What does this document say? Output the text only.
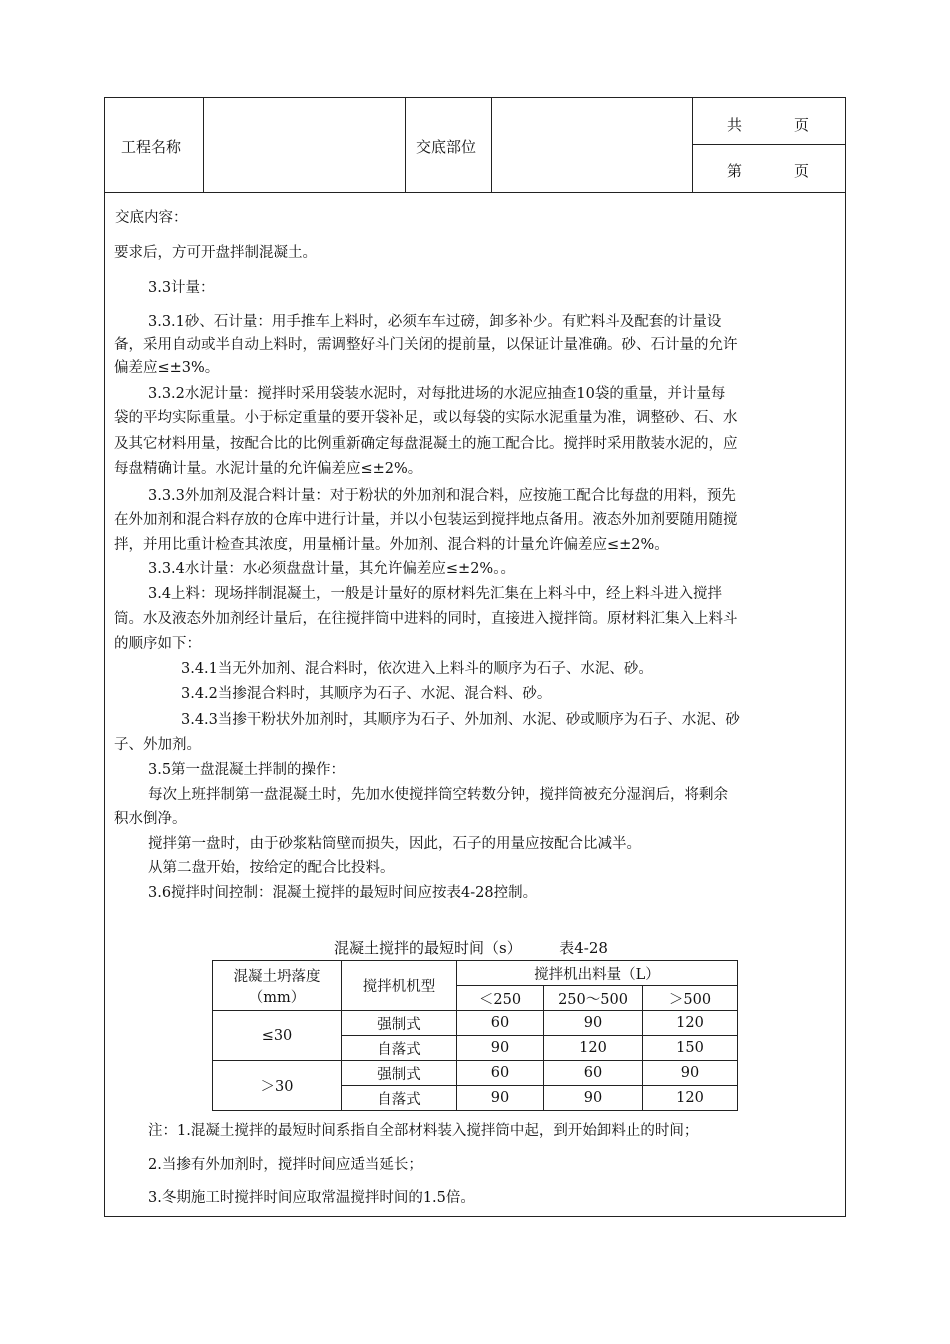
工程名称	交底部位
共	页
第	页
交底内容：
要求后，方可开盘拌制混凝土。
3.3计量：
3.3.1砂、石计量：用手推车上料时，必须车车过磅，卸多补少。有贮料斗及配套的计量设
备，采用自动或半自动上料时，需调整好斗门关闭的提前量，以保证计量准确。砂、石计量的允许
偏差应≤±3%。
3.3.2水泥计量：搅拌时采用袋装水泥时，对每批进场的水泥应抽查10袋的重量，并计量每
袋的平均实际重量。小于标定重量的要开袋补足，或以每袋的实际水泥重量为准，调整砂、石、水
及其它材料用量，按配合比的比例重新确定每盘混凝土的施工配合比。搅拌时采用散装水泥的，应
每盘精确计量。水泥计量的允许偏差应≤±2%。
3.3.3外加剂及混合料计量：对于粉状的外加剂和混合料，应按施工配合比每盘的用料，预先
在外加剂和混合料存放的仓库中进行计量，并以小包装运到搅拌地点备用。液态外加剂要随用随搅
拌，并用比重计检查其浓度，用量桶计量。外加剂、混合料的计量允许偏差应≤±2%。
3.3.4水计量：水必须盘盘计量，其允许偏差应≤±2%。。
3.4上料：现场拌制混凝土，一般是计量好的原材料先汇集在上料斗中，经上料斗进入搅拌
筒。水及液态外加剂经计量后，在往搅拌筒中进料的同时，直接进入搅拌筒。原材料汇集入上料斗
的顺序如下：
3.4.1当无外加剂、混合料时，依次进入上料斗的顺序为石子、水泥、砂。
3.4.2当掺混合料时，其顺序为石子、水泥、混合料、砂。
3.4.3当掺干粉状外加剂时，其顺序为石子、外加剂、水泥、砂或顺序为石子、水泥、砂
子、外加剂。
3.5第一盘混凝土拌制的操作：
每次上班拌制第一盘混凝土时，先加水使搅拌筒空转数分钟，搅拌筒被充分湿润后，将剩余
积水倒净。
搅拌第一盘时，由于砂浆粘筒壁而损失，因此，石子的用量应按配合比减半。
从第二盘开始，按给定的配合比投料。
3.6搅拌时间控制：混凝土搅拌的最短时间应按表4-28控制。
混凝土搅拌的最短时间（s）	表4-28
混凝土坍落度
（mm）	搅拌机机型	搅拌机出料量（L）		
		＜250	250～500	＞500
≤30	强制式	60	90	120
	自落式	90	120	150
＞30	强制式	60	60	90
	自落式	90	90	120
注：1.混凝土搅拌的最短时间系指自全部材料装入搅拌筒中起，到开始卸料止的时间；
2.当掺有外加剂时，搅拌时间应适当延长；
3.冬期施工时搅拌时间应取常温搅拌时间的1.5倍。
